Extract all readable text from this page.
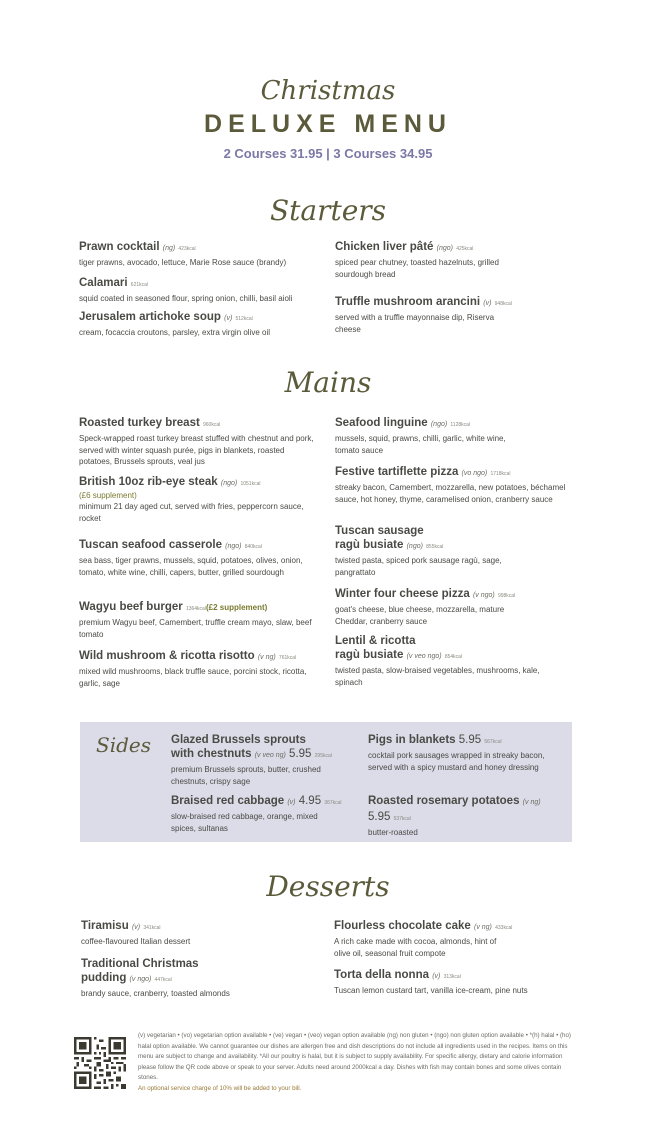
Christmas
DELUXE MENU
2 Courses 31.95 | 3 Courses 34.95
Starters
Prawn cocktail (ng) 423kcal
tiger prawns, avocado, lettuce, Marie Rose sauce (brandy)
Calamari 621kcal
squid coated in seasoned flour, spring onion, chilli, basil aioli
Jerusalem artichoke soup (v) 512kcal
cream, focaccia croutons, parsley, extra virgin olive oil
Chicken liver pâté (ngo) 425kcal
spiced pear chutney, toasted hazelnuts, grilled sourdough bread
Truffle mushroom arancini (v) 948kcal
served with a truffle mayonnaise dip, Riserva cheese
Mains
Roasted turkey breast 960kcal
Speck-wrapped roast turkey breast stuffed with chestnut and pork, served with winter squash purée, pigs in blankets, roasted potatoes, Brussels sprouts, veal jus
British 10oz rib-eye steak (ngo) 1051kcal
(£6 supplement)
minimum 21 day aged cut, served with fries, peppercorn sauce, rocket
Tuscan seafood casserole (ngo) 840kcal
sea bass, tiger prawns, mussels, squid, potatoes, olives, onion, tomato, white wine, chilli, capers, butter, grilled sourdough
Wagyu beef burger 1364kcal(£2 supplement)
premium Wagyu beef, Camembert, truffle cream mayo, slaw, beef tomato
Wild mushroom & ricotta risotto (v ng) 761kcal
mixed wild mushrooms, black truffle sauce, porcini stock, ricotta, garlic, sage
Seafood linguine (ngo) 1128kcal
mussels, squid, prawns, chilli, garlic, white wine, tomato sauce
Festive tartiflette pizza (vo ngo) 1718kcal
streaky bacon, Camembert, mozzarella, new potatoes, béchamel sauce, hot honey, thyme, caramelised onion, cranberry sauce
Tuscan sausage
ragù busiate (ngo) 855kcal
twisted pasta, spiced pork sausage ragù, sage, pangrattato
Winter four cheese pizza (v ngo) 998kcal
goat's cheese, blue cheese, mozzarella, mature Cheddar, cranberry sauce
Lentil & ricotta
ragù busiate (v veo ngo) 854kcal
twisted pasta, slow-braised vegetables, mushrooms, kale, spinach
Sides Glazed Brussels sprouts
with chestnuts (v veo ng) 5.95 295kcal
premium Brussels sprouts, butter, crushed chestnuts, crispy sage
Braised red cabbage (v) 4.95 367kcal
slow-braised red cabbage, orange, mixed spices, sultanas
Pigs in blankets 5.95 567kcal
cocktail pork sausages wrapped in streaky bacon, served with a spicy mustard and honey dressing
Roasted rosemary potatoes (v ng)
5.95 537kcal
butter-roasted
Desserts
Tiramisu (v) 341kcal
coffee-flavoured Italian dessert
Traditional Christmas
pudding (v ngo) 447kcal
brandy sauce, cranberry, toasted almonds
Flourless chocolate cake (v ng) 433kcal
A rich cake made with cocoa, almonds, hint of olive oil, seasonal fruit compote
Torta della nonna (v) 313kcal
Tuscan lemon custard tart, vanilla ice-cream, pine nuts
(v) vegetarian • (vo) vegetarian option available • (ve) vegan • (veo) vegan option available (ng) non gluten • (ngo) non gluten option available • *(h) halal • (ho) halal option available. We cannot guarantee our dishes are allergen free and dish descriptions do not include all ingredients used in the recipes. Items on this menu are subject to change and availability. *All our poultry is halal, but it is subject to supply availability. For specific allergy, dietary and calorie information please follow the QR code above or speak to your server. Adults need around 2000kcal a day. Dishes with fish may contain bones and some olives contain stones.
An optional service charge of 10% will be added to your bill.
